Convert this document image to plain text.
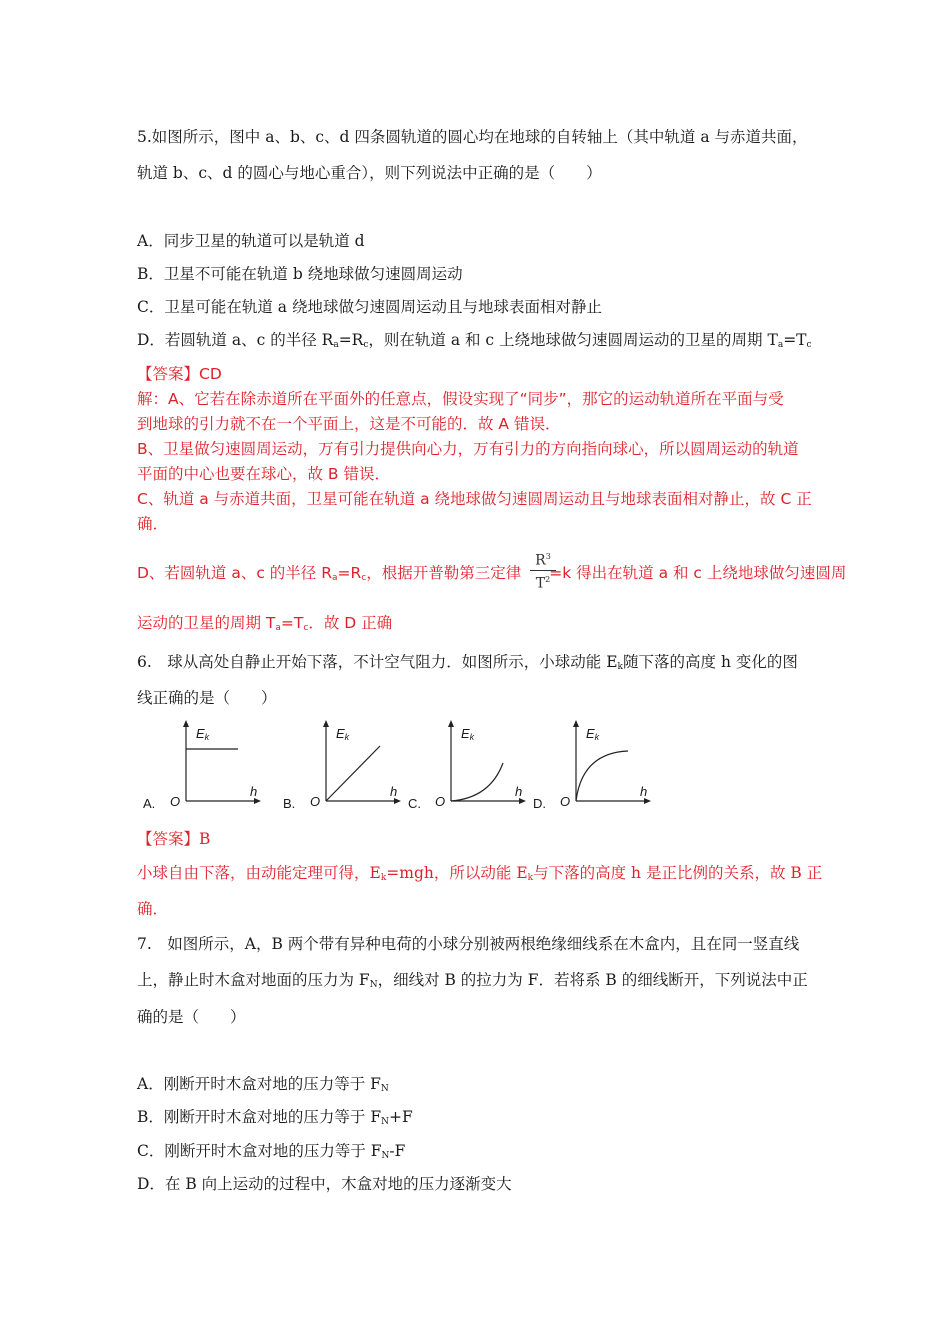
5.如图所示，图中 a、b、c、d 四条圆轨道的圆心均在地球的自转轴上（其中轨道 a 与赤道共面，
轨道 b、c、d 的圆心与地心重合），则下列说法中正确的是（　　）
A．同步卫星的轨道可以是轨道 d
B．卫星不可能在轨道 b 绕地球做匀速圆周运动
C．卫星可能在轨道 a 绕地球做匀速圆周运动且与地球表面相对静止
D．若圆轨道 a、c 的半径 $R_a=R_c$，则在轨道 a 和 c 上绕地球做匀速圆周运动的卫星的周期 $T_a=T_c$
【答案】CD
解：A、它若在除赤道所在平面外的任意点，假设实现了“同步”，那它的运动轨道所在平面与受
到地球的引力就不在一个平面上，这是不可能的．故 A 错误．
B、卫星做匀速圆周运动，万有引力提供向心力，万有引力的方向指向球心，所以圆周运动的轨道
平面的中心也要在球心，故 B 错误．
C、轨道 a 与赤道共面，卫星可能在轨道 a 绕地球做匀速圆周运动且与地球表面相对静止，故 C 正
确．
D、若圆轨道 a、c 的半径 $R_a=R_c$，根据开普勒第三定律 =k 得出在轨道 a 和 c 上绕地球做匀速圆周
$\frac{R^3}{T^2}$
运动的卫星的周期 $T_a=T_c$．故 D 正确
6.　球从高处自静止开始下落，不计空气阻力．如图所示，小球动能 $E_k$随下落的高度 h 变化的图
线正确的是（　　）
A. O
$E_k$
h
B. O
$E_k$
h
C. O
$E_k$
h
D. O
$E_k$
h
【答案】B
小球自由下落，由动能定理可得，$E_k=mgh$，所以动能 $E_k$与下落的高度 h 是正比例的关系，故 B 正
确．
7.　如图所示，A，B 两个带有异种电荷的小球分别被两根绝缘细线系在木盒内，且在同一竖直线
上，静止时木盒对地面的压力为 $F_N$，细线对 B 的拉力为 F．若将系 B 的细线断开，下列说法中正
确的是（　　）
A．刚断开时木盒对地的压力等于 $F_N$
B．刚断开时木盒对地的压力等于 $F_N+F$
C．刚断开时木盒对地的压力等于 $F_N-F$
D．在 B 向上运动的过程中，木盒对地的压力逐渐变大
